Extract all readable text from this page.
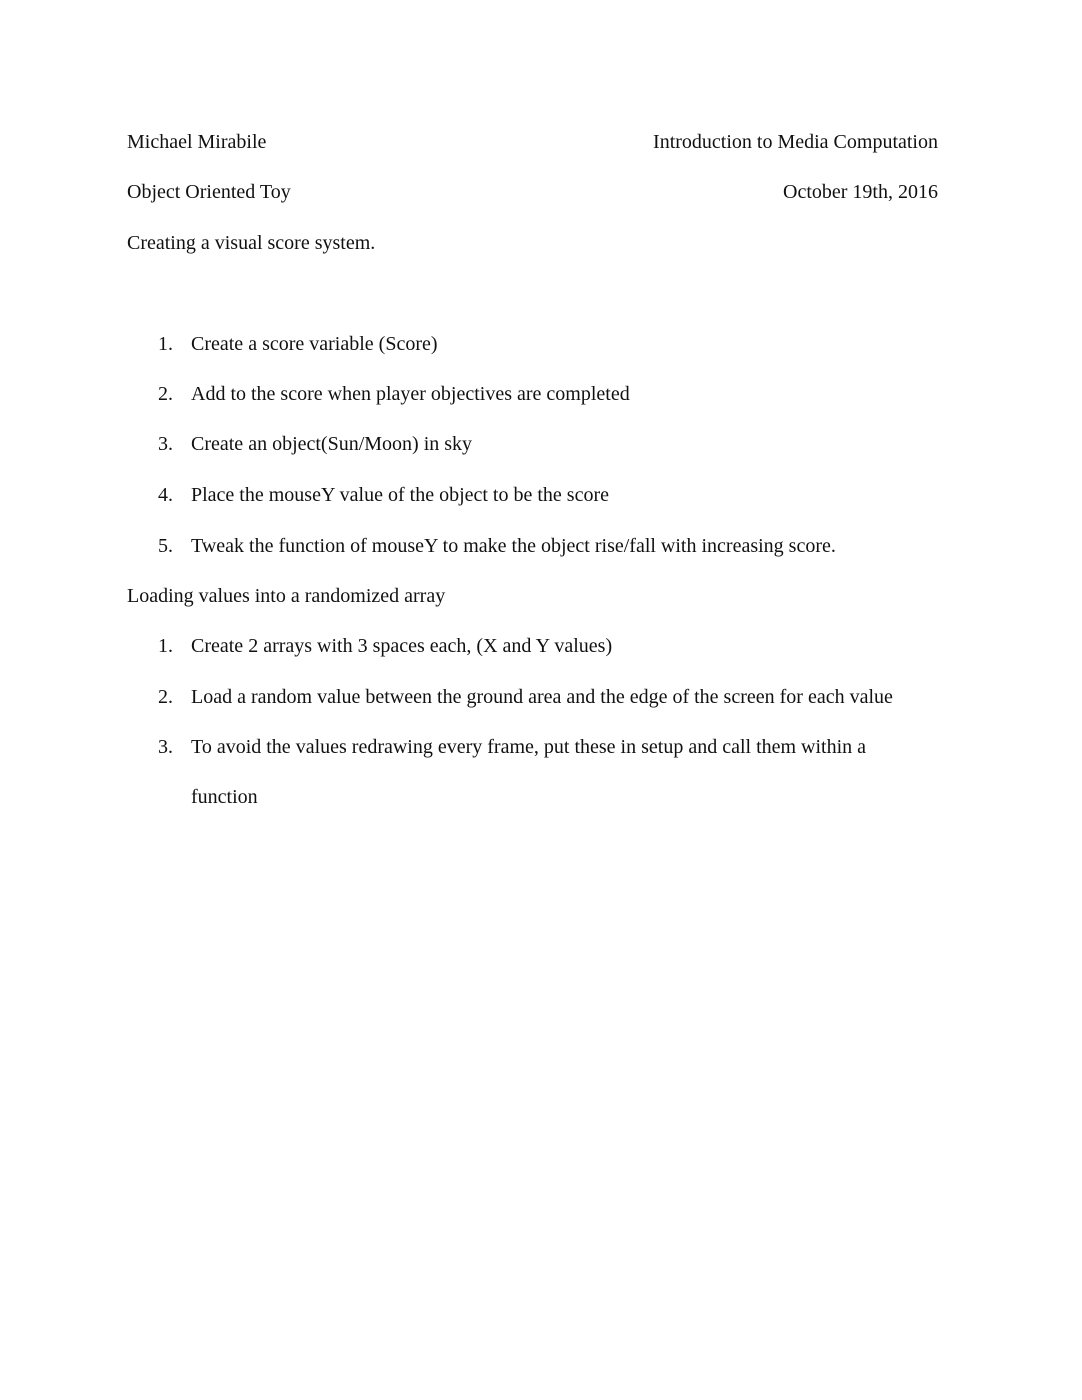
Michael Mirabile	Introduction to Media Computation
Object Oriented Toy	October 19th, 2016
Creating a visual score system.
1. Create a score variable (Score)
2. Add to the score when player objectives are completed
3. Create an object(Sun/Moon) in sky
4. Place the mouseY value of the object to be the score
5. Tweak the function of mouseY to make the object rise/fall with increasing score.
Loading values into a randomized array
1. Create 2 arrays with 3 spaces each, (X and Y values)
2. Load a random value between the ground area and the edge of the screen for each value
3. To avoid the values redrawing every frame, put these in setup and call them within a
function
